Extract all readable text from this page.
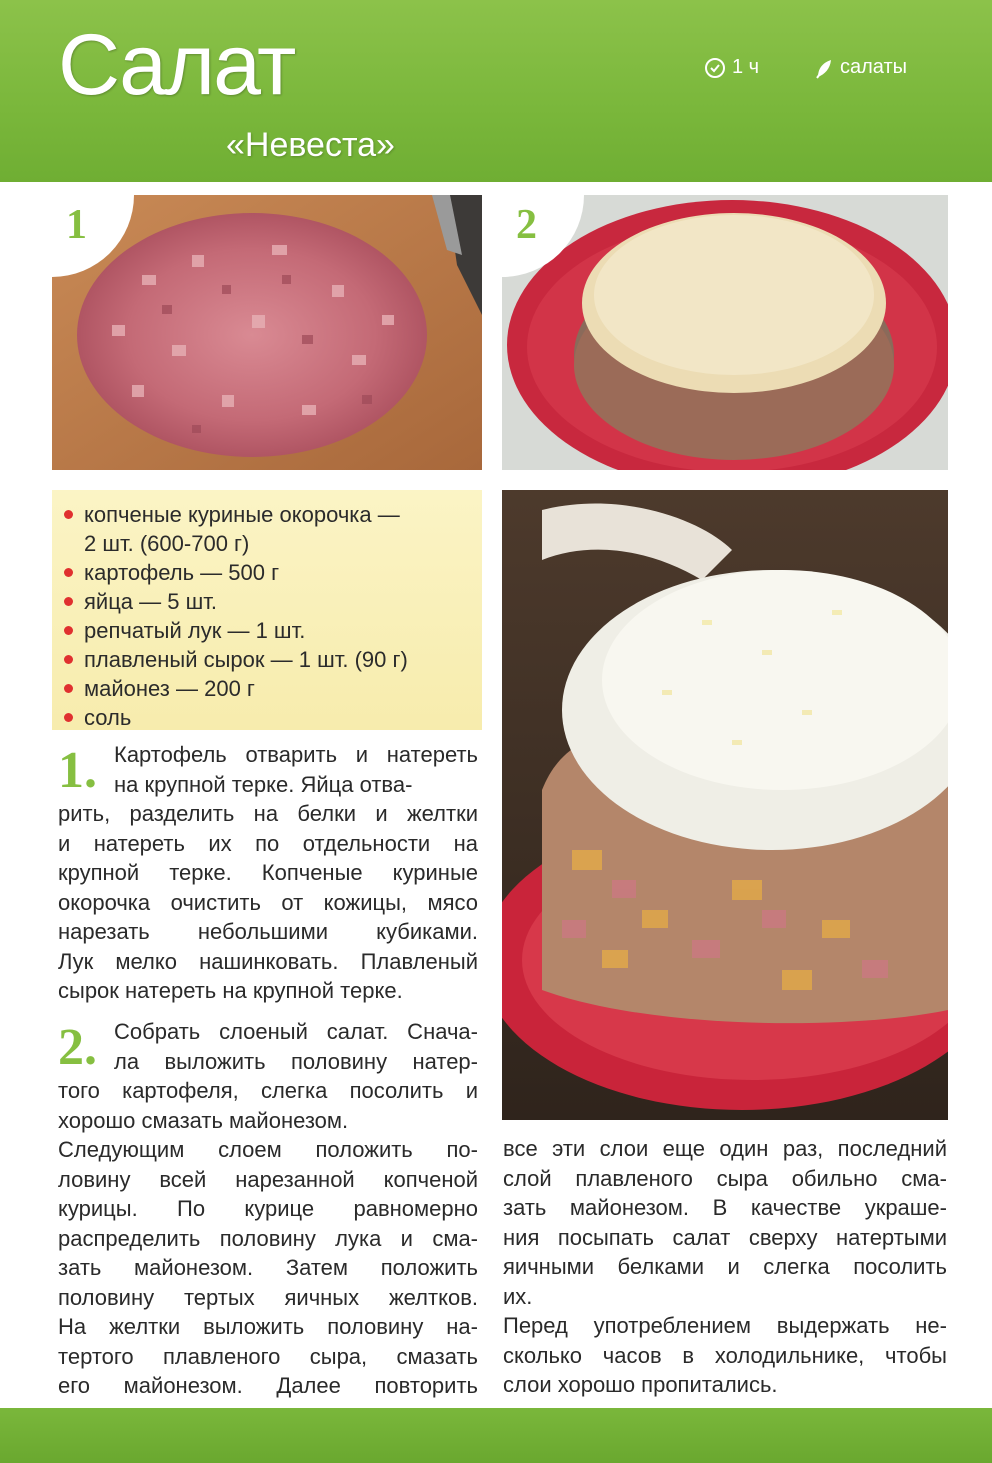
Салат
«Невеста»
1 ч	салаты
1	2
копченые куриные окорочка —
2 шт. (600-700 г)
картофель — 500 г
яйца — 5 шт.
репчатый лук — 1 шт.
плавленый сырок — 1 шт. (90 г)
майонез — 200 г
соль
1. Картофель отварить и натереть
на крупной терке. Яйца отва-
рить, разделить на белки и желтки
и натереть их по отдельности на
крупной терке. Копченые куриные
окорочка очистить от кожицы, мясо
нарезать небольшими кубиками.
Лук мелко нашинковать. Плавленый
сырок натереть на крупной терке.
2. Собрать слоеный салат. Снача-
ла выложить половину натер-
того картофеля, слегка посолить и
хорошо смазать майонезом.
Следующим слоем положить по-
ловину всей нарезанной копченой
курицы. По курице равномерно
распределить половину лука и сма-
зать майонезом. Затем положить
половину тертых яичных желтков.
На желтки выложить половину на-
тертого плавленого сыра, смазать
его майонезом. Далее повторить
все эти слои еще один раз, последний
слой плавленого сыра обильно сма-
зать майонезом. В качестве украше-
ния посыпать салат сверху натертыми
яичными белками и слегка посолить
их.
Перед употреблением выдержать не-
сколько часов в холодильнике, чтобы
слои хорошо пропитались.
